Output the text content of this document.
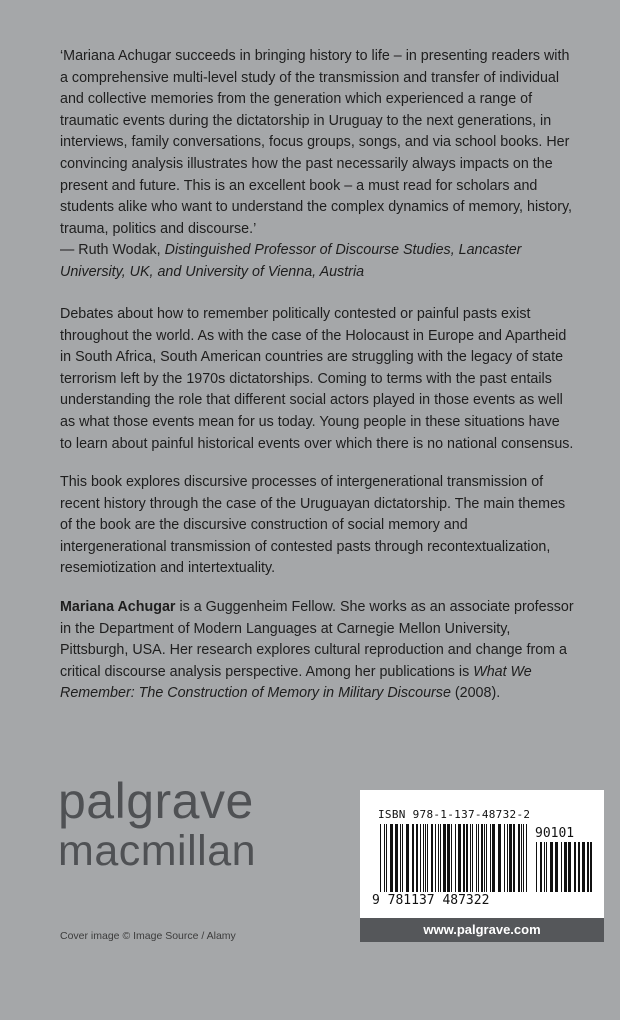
‘Mariana Achugar succeeds in bringing history to life – in presenting readers with a comprehensive multi-level study of the transmission and transfer of individual and collective memories from the generation which experienced a range of traumatic events during the dictatorship in Uruguay to the next generations, in interviews, family conversations, focus groups, songs, and via school books. Her convincing analysis illustrates how the past necessarily always impacts on the present and future. This is an excellent book – a must read for scholars and students alike who want to understand the complex dynamics of memory, history, trauma, politics and discourse.’
— Ruth Wodak, Distinguished Professor of Discourse Studies, Lancaster University, UK, and University of Vienna, Austria

Debates about how to remember politically contested or painful pasts exist throughout the world. As with the case of the Holocaust in Europe and Apartheid in South Africa, South American countries are struggling with the legacy of state terrorism left by the 1970s dictatorships. Coming to terms with the past entails understanding the role that different social actors played in those events as well as what those events mean for us today. Young people in these situations have to learn about painful historical events over which there is no national consensus.

This book explores discursive processes of intergenerational transmission of recent history through the case of the Uruguayan dictatorship. The main themes of the book are the discursive construction of social memory and intergenerational transmission of contested pasts through recontextualization, resemiotization and intertextuality.

Mariana Achugar is a Guggenheim Fellow. She works as an associate professor in the Department of Modern Languages at Carnegie Mellon University, Pittsburgh, USA. Her research explores cultural reproduction and change from a critical discourse analysis perspective. Among her publications is What We Remember: The Construction of Memory in Military Discourse (2008).

palgrave
macmillan
Cover image © Image Source / Alamy
ISBN 978-1-137-48732-2
90101
9 781137 487322
www.palgrave.com
